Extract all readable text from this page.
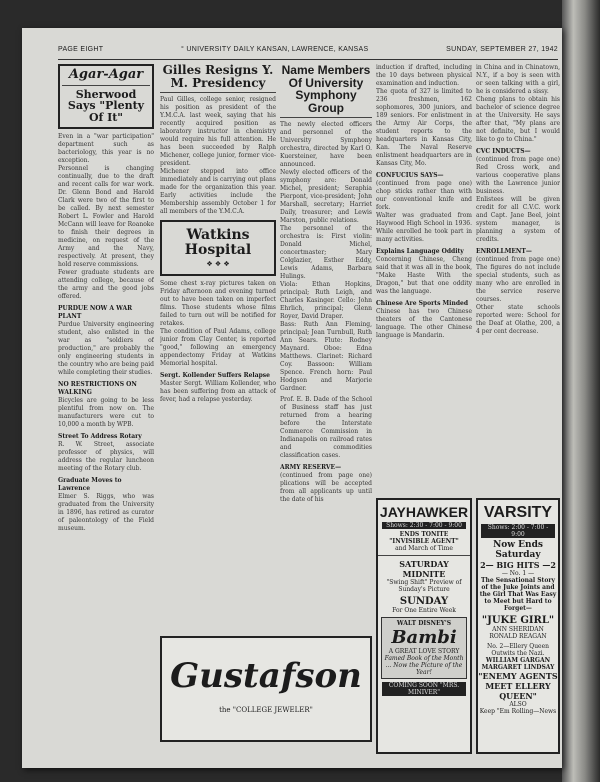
PAGE EIGHT	° UNIVERSITY DAILY KANSAN, LAWRENCE, KANSAS	SUNDAY, SEPTEMBER 27, 1942
Agar-Agar
Sherwood Says "Plenty Of It"

Even in a "war participation" department such as bacteriology, this year is no exception.

Personnel is changing continually, due to the draft and recent calls for war work. Dr. Glenn Bond and Harold Clark were two of the first to be called. By next semester Robert L. Fowler and Harold McCann will leave for Roanoke to finish their degrees in medicine, on request of the Army and the Navy, respectively. At present, they hold reserve commissions.

Fewer graduate students are attending college, because of the army and the good jobs offered.

PURDUE NOW A WAR PLANT

Purdue University engineering student, also enlisted in the war as "soldiers of production," are probably the only engineering students in the country who are being paid while completing their studies.

NO RESTRICTIONS ON WALKING

Bicycles are going to be less plentiful from now on. The manufacturers were cut to 10,000 a month by WPB.

Street To Address Rotary

R. W. Street, associate professor of physics, will address the regular luncheon meeting of the Rotary club.

Graduate Moves to Lawrence

Elmer S. Riggs, who was graduated from the University in 1896, has retired as curator of paleontology of the Field museum.

Gilles Resigns Y. M. Presidency

Paul Gilles, college senior, resigned his position as president of the Y.M.C.A. last week, saying that his recently acquired position as laboratory instructor in chemistry would require his full attention. He has been succeeded by Ralph Michener, college junior, former vice-president.

Michener stepped into office immediately and is carrying out plans made for the organization this year. Early activities include the Membership assembly October 1 for all members of the Y.M.C.A.

Watkins Hospital
❖ ❖ ❖

Some chest x-ray pictures taken on Friday afternoon and evening turned out to have been taken on imperfect films. Those students whose films failed to turn out will be notified for retakes.

The condition of Paul Adams, college junior from Clay Center, is reported "good," following an emergency appendectomy Friday at Watkins Memorial hospital.

Sergt. Kollender Suffers Relapse

Master Sergt. William Kollender, who has been suffering from an attack of fever, had a relapse yesterday.

Name Members Of University Symphony Group

The newly elected officers and personnel of the University Symphony orchestra, directed by Karl O. Kuersteiner, have been announced.

Newly elected officers of the symphony are: Donald Michel, president; Seraphia Pierpont, vice-president; John Marshall, secretary; Harriet Daily, treasurer; and Lewis Marston, public relations.

The personnel of the orchestra is: First violin: Donald Michel, concertmaster; Mary Colglazier, Esther Eddy, Lewis Adams, Barbara Hulings.

Viola: Ethan Hopkins, principal; Ruth Leigh, and Charles Kasinger. Cello: John Ehrlich, principal; Glenn Royer, David Draper.

Bass: Ruth Ann Fleming, principal; Jean Turnbull, Ruth Ann Sears. Flute: Rodney Maynard. Oboe: Edna Matthews. Clarinet: Richard Coy. Bassoon: William Spence. French horn: Paul Hodgson and Marjorie Gardner.

Prof. E. B. Dade of the School of Business staff has just returned from a hearing before the Interstate Commerce Commission in Indianapolis on railroad rates and commodities classification cases.

ARMY RESERVE—

(continued from page one) plications will be accepted from all applicants up until the date of his

induction if drafted, including the 10 days between physical examination and induction.

The quota of 327 is limited to 236 freshmen, 162 sophomores, 300 juniors, and 189 seniors. For enlistment in the Army Air Corps, the student reports to the headquarters in Kansas City, Kan. The Naval Reserve enlistment headquarters are in Kansas City, Mo.

CONFUCIUS SAYS—

(continued from page one) chop sticks rather than with our conventional knife and fork.

Walter was graduated from Haywood High School in 1936. While enrolled he took part in many activities.

Explains Language Oddity

Concerning Chinese, Cheng said that it was all in the book, "Make Haste With the Dragon," but that one oddity was the language.

Chinese Are Sports Minded

Chinese has two Chinese theaters of the Cantonese language. The other Chinese language is Mandarin.

in China and in Chinatown, N.Y., if a boy is seen with or seen talking with a girl, he is considered a sissy.

Cheng plans to obtain his bachelor of science degree at the University. He says after that, "My plans are not definite, but I would like to go to China."

CVC INDUCTS—

(continued from page one) Red Cross work, and various cooperative plans with the Lawrence junior business.

Enlistees will be given credit for all C.V.C. work and Capt. Jane Beel, joint system manager, is planning a system of credits.

ENROLLMENT—

(continued from page one) The figures do not include special students, such as many who are enrolled in the service reserve courses.

Other state schools reported were: School for the Deaf at Olathe, 200, a 4 per cent decrease.

Gustafson
the "COLLEGE JEWELER"
JAYHAWKER
Shows: 2:30 - 7:00 - 9:00
ENDS TONITE
"INVISIBLE AGENT"
and March of Time
SATURDAY MIDNITE
"Swing Shift" Preview of Sunday's Picture
SUNDAY
For One Entire Week
WALT DISNEY'S
Bambi
A GREAT LOVE STORY
Famed Book of the Month ... Now the Picture of the Year!
COMING SOON "MRS. MINIVER"
VARSITY
Shows: 2:00 - 7:00 - 9:00
Now Ends Saturday
2— BIG HITS —2
— No. 1 —
The Sensational Story of the Juke Joints and the Girl That Was Easy to Meet but Hard to Forget—
"JUKE GIRL"
ANN SHERIDAN RONALD REAGAN
No. 2—Ellery Queen Outwits the Nazi.
WILLIAM GARGAN MARGARET LINDSAY
"ENEMY AGENTS MEET ELLERY QUEEN"
ALSO
Keep "Em Rolling—News
